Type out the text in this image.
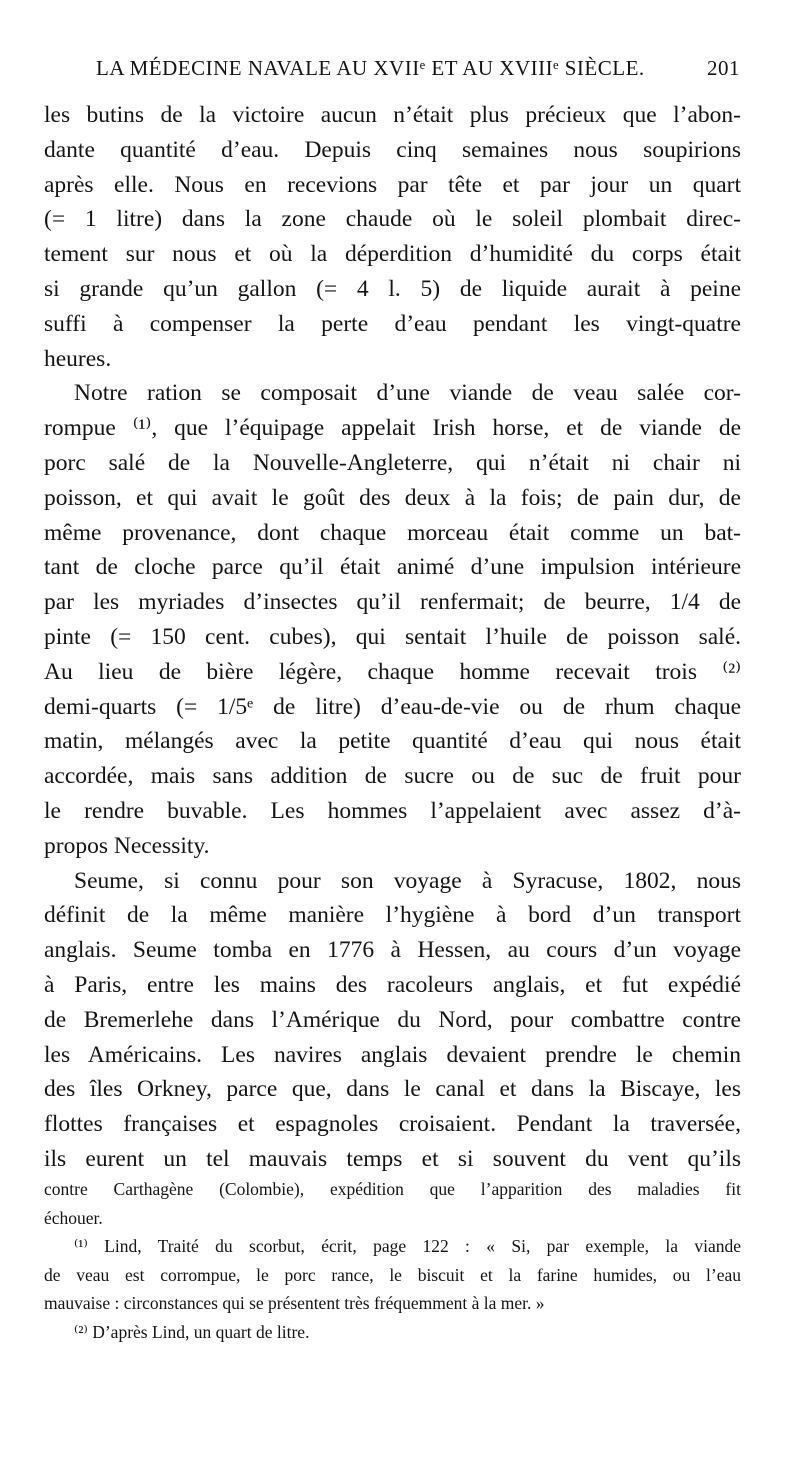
LA MÉDECINE NAVALE AU XVIIᵉ ET AU XVIIIᵉ SIÈCLE.	201
les butins de la victoire aucun n’était plus précieux que l’abon-
dante quantité d’eau. Depuis cinq semaines nous soupirions
après elle. Nous en recevions par tête et par jour un quart
(= 1 litre) dans la zone chaude où le soleil plombait direc-
tement sur nous et où la déperdition d’humidité du corps était
si grande qu’un gallon (= 4 l. 5) de liquide aurait à peine
suffi à compenser la perte d’eau pendant les vingt-quatre
heures.
Notre ration se composait d’une viande de veau salée cor-
rompue ⁽¹⁾, que l’équipage appelait Irish horse, et de viande de
porc salé de la Nouvelle-Angleterre, qui n’était ni chair ni
poisson, et qui avait le goût des deux à la fois; de pain dur, de
même provenance, dont chaque morceau était comme un bat-
tant de cloche parce qu’il était animé d’une impulsion intérieure
par les myriades d’insectes qu’il renfermait; de beurre, 1/4 de
pinte (= 150 cent. cubes), qui sentait l’huile de poisson salé.
Au lieu de bière légère, chaque homme recevait trois ⁽²⁾
demi-quarts (= 1/5ᵉ de litre) d’eau-de-vie ou de rhum chaque
matin, mélangés avec la petite quantité d’eau qui nous était
accordée, mais sans addition de sucre ou de suc de fruit pour
le rendre buvable. Les hommes l’appelaient avec assez d’à-
propos Necessity.
Seume, si connu pour son voyage à Syracuse, 1802, nous
définit de la même manière l’hygiène à bord d’un transport
anglais. Seume tomba en 1776 à Hessen, au cours d’un voyage
à Paris, entre les mains des racoleurs anglais, et fut expédié
de Bremerlehe dans l’Amérique du Nord, pour combattre contre
les Américains. Les navires anglais devaient prendre le chemin
des îles Orkney, parce que, dans le canal et dans la Biscaye, les
flottes françaises et espagnoles croisaient. Pendant la traversée,
ils eurent un tel mauvais temps et si souvent du vent qu’ils
contre Carthagène (Colombie), expédition que l’apparition des maladies fit
échouer.
⁽¹⁾ Lind, Traité du scorbut, écrit, page 122 : « Si, par exemple, la viande
de veau est corrompue, le porc rance, le biscuit et la farine humides, ou l’eau
mauvaise : circonstances qui se présentent très fréquemment à la mer. »
⁽²⁾ D’après Lind, un quart de litre.
